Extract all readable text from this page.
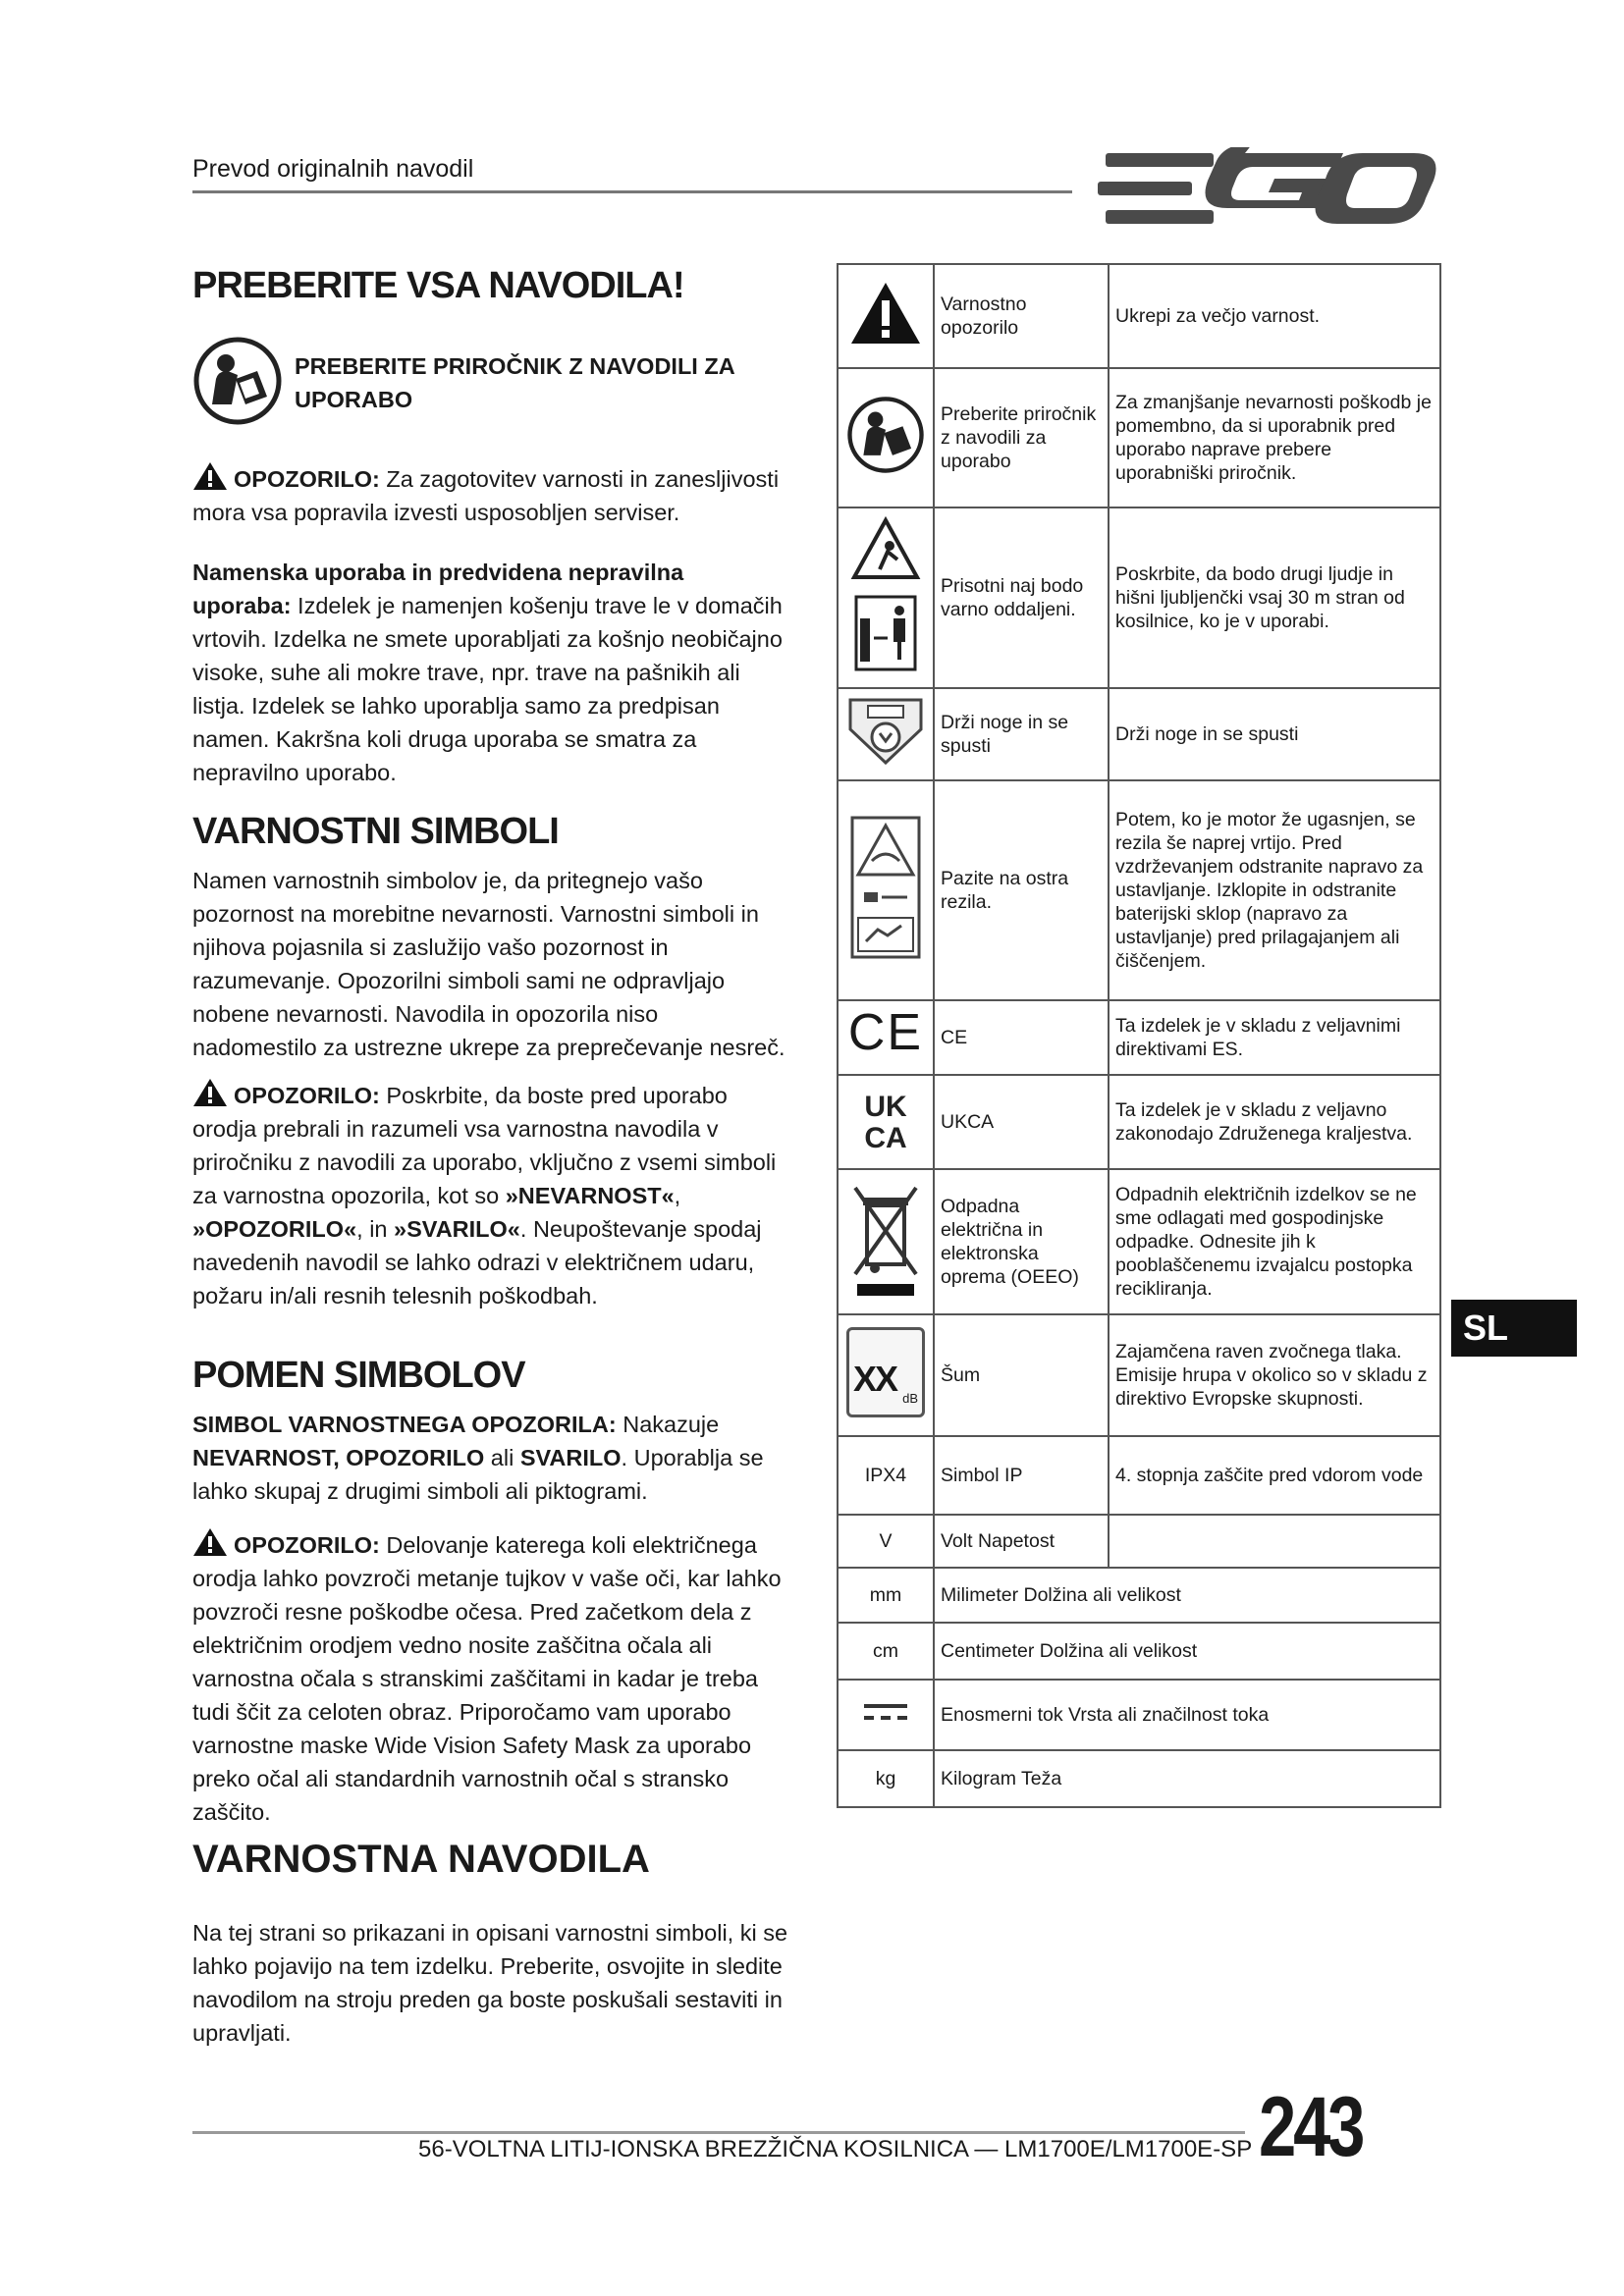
Prevod originalnih navodil
PREBERITE VSA NAVODILA!
PREBERITE PRIROČNIK Z NAVODILI ZA UPORABO

OPOZORILO: Za zagotovitev varnosti in zanesljivosti mora vsa popravila izvesti usposobljen serviser.

Namenska uporaba in predvidena nepravilna uporaba: Izdelek je namenjen košenju trave le v domačih vrtovih. Izdelka ne smete uporabljati za košnjo neobičajno visoke, suhe ali mokre trave, npr. trave na pašnikih ali listja. Izdelek se lahko uporablja samo za predpisan namen. Kakršna koli druga uporaba se smatra za nepravilno uporabo.

VARNOSTNI SIMBOLI
Namen varnostnih simbolov je, da pritegnejo vašo pozornost na morebitne nevarnosti. Varnostni simboli in njihova pojasnila si zaslužijo vašo pozornost in razumevanje. Opozorilni simboli sami ne odpravljajo nobene nevarnosti. Navodila in opozorila niso nadomestilo za ustrezne ukrepe za preprečevanje nesreč.

OPOZORILO: Poskrbite, da boste pred uporabo orodja prebrali in razumeli vsa varnostna navodila v priročniku z navodili za uporabo, vključno z vsemi simboli za varnostna opozorila, kot so »NEVARNOST«, »OPOZORILO«, in »SVARILO«. Neupoštevanje spodaj navedenih navodil se lahko odrazi v električnem udaru, požaru in/ali resnih telesnih poškodbah.

POMEN SIMBOLOV

SIMBOL VARNOSTNEGA OPOZORILA: Nakazuje NEVARNOST, OPOZORILO ali SVARILO. Uporablja se lahko skupaj z drugimi simboli ali piktogrami.

OPOZORILO: Delovanje katerega koli električnega orodja lahko povzroči metanje tujkov v vaše oči, kar lahko povzroči resne poškodbe očesa. Pred začetkom dela z električnim orodjem vedno nosite zaščitna očala ali varnostna očala s stranskimi zaščitami in kadar je treba tudi ščit za celoten obraz. Priporočamo vam uporabo varnostne maske Wide Vision Safety Mask za uporabo preko očal ali standardnih varnostnih očal s stransko zaščito.

VARNOSTNA NAVODILA
Na tej strani so prikazani in opisani varnostni simboli, ki se lahko pojavijo na tem izdelku. Preberite, osvojite in sledite navodilom na stroju preden ga boste poskušali sestaviti in upravljati.
	Varnostno opozorilo	Ukrepi za večjo varnost.
	Preberite priročnik z navodili za uporabo	Za zmanjšanje nevarnosti poškodb je pomembno, da si uporabnik pred uporabo naprave prebere uporabniški priročnik.
	Prisotni naj bodo varno oddaljeni.	Poskrbite, da bodo drugi ljudje in hišni ljubljenčki vsaj 30 m stran od kosilnice, ko je v uporabi.
	Drži noge in se spusti	Drži noge in se spusti
	Pazite na ostra rezila.	Potem, ko je motor že ugasnjen, se rezila še naprej vrtijo. Pred vzdrževanjem odstranite napravo za ustavljanje. Izklopite in odstranite baterijski sklop (napravo za ustavljanje) pred prilagajanjem ali čiščenjem.
CE	CE	Ta izdelek je v skladu z veljavnimi direktivami ES.

UK
CA	UKCA	Ta izdelek je v skladu z veljavno zakonodajo Združenega kraljestva.
	Odpadna električna in elektronska oprema (OEEO)	Odpadnih električnih izdelkov se ne sme odlagati med gospodinjske odpadke. Odnesite jih k pooblaščenemu izvajalcu postopka recikliranja.

XX dB	Šum	Zajamčena raven zvočnega tlaka. Emisije hrupa v okolico so v skladu z direktivo Evropske skupnosti.
IPX4	Simbol IP	4. stopnja zaščite pred vdorom vode
V	Volt Napetost	
mm	Milimeter Dolžina ali velikost	
cm	Centimeter Dolžina ali velikost	
	Enosmerni tok Vrsta ali značilnost toka	
kg	Kilogram Teža	
SL
56-VOLTNA LITIJ-IONSKA BREZŽIČNA KOSILNICA — LM1700E/LM1700E-SP 243
